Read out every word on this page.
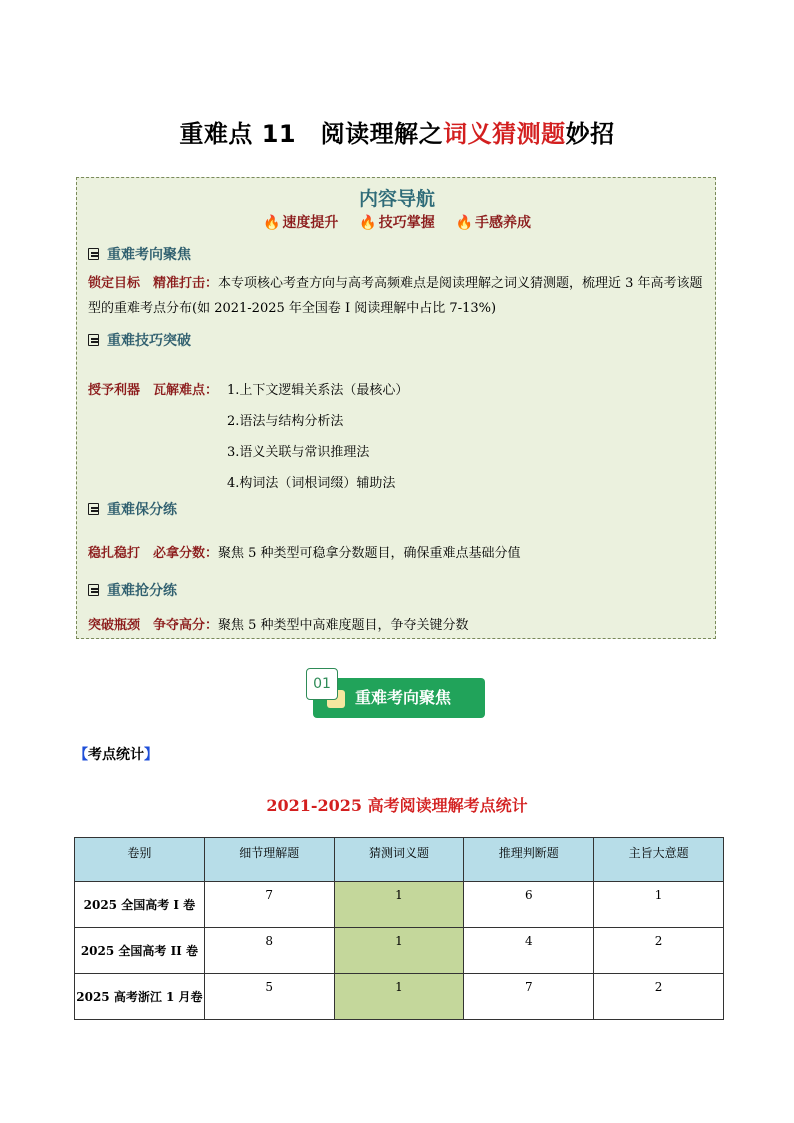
重难点 11　阅读理解之词义猜测题妙招
内容导航
🔥 速度提升 🔥 技巧掌握 🔥 手感养成
重难考向聚焦
锁定目标　精准打击：本专项核心考查方向与高考高频难点是阅读理解之词义猜测题，梳理近 3 年高考该题型的重难考点分布(如 2021-2025 年全国卷 I 阅读理解中占比 7-13%)
重难技巧突破
授予利器　瓦解难点： 1.上下文逻辑关系法（最核心）
2.语法与结构分析法
3.语义关联与常识推理法
4.构词法（词根词缀）辅助法
重难保分练
稳扎稳打　必拿分数：聚焦 5 种类型可稳拿分数题目，确保重难点基础分值
重难抢分练
突破瓶颈　争夺高分：聚焦 5 种类型中高难度题目，争夺关键分数
01
重难考向聚焦
【考点统计】
2021-2025 高考阅读理解考点统计
卷别	细节理解题	猜测词义题	推理判断题	主旨大意题
2025 全国高考 I 卷	7	1	6	1
2025 全国高考 II 卷	8	1	4	2
2025 高考浙江 1 月卷	5	1	7	2
